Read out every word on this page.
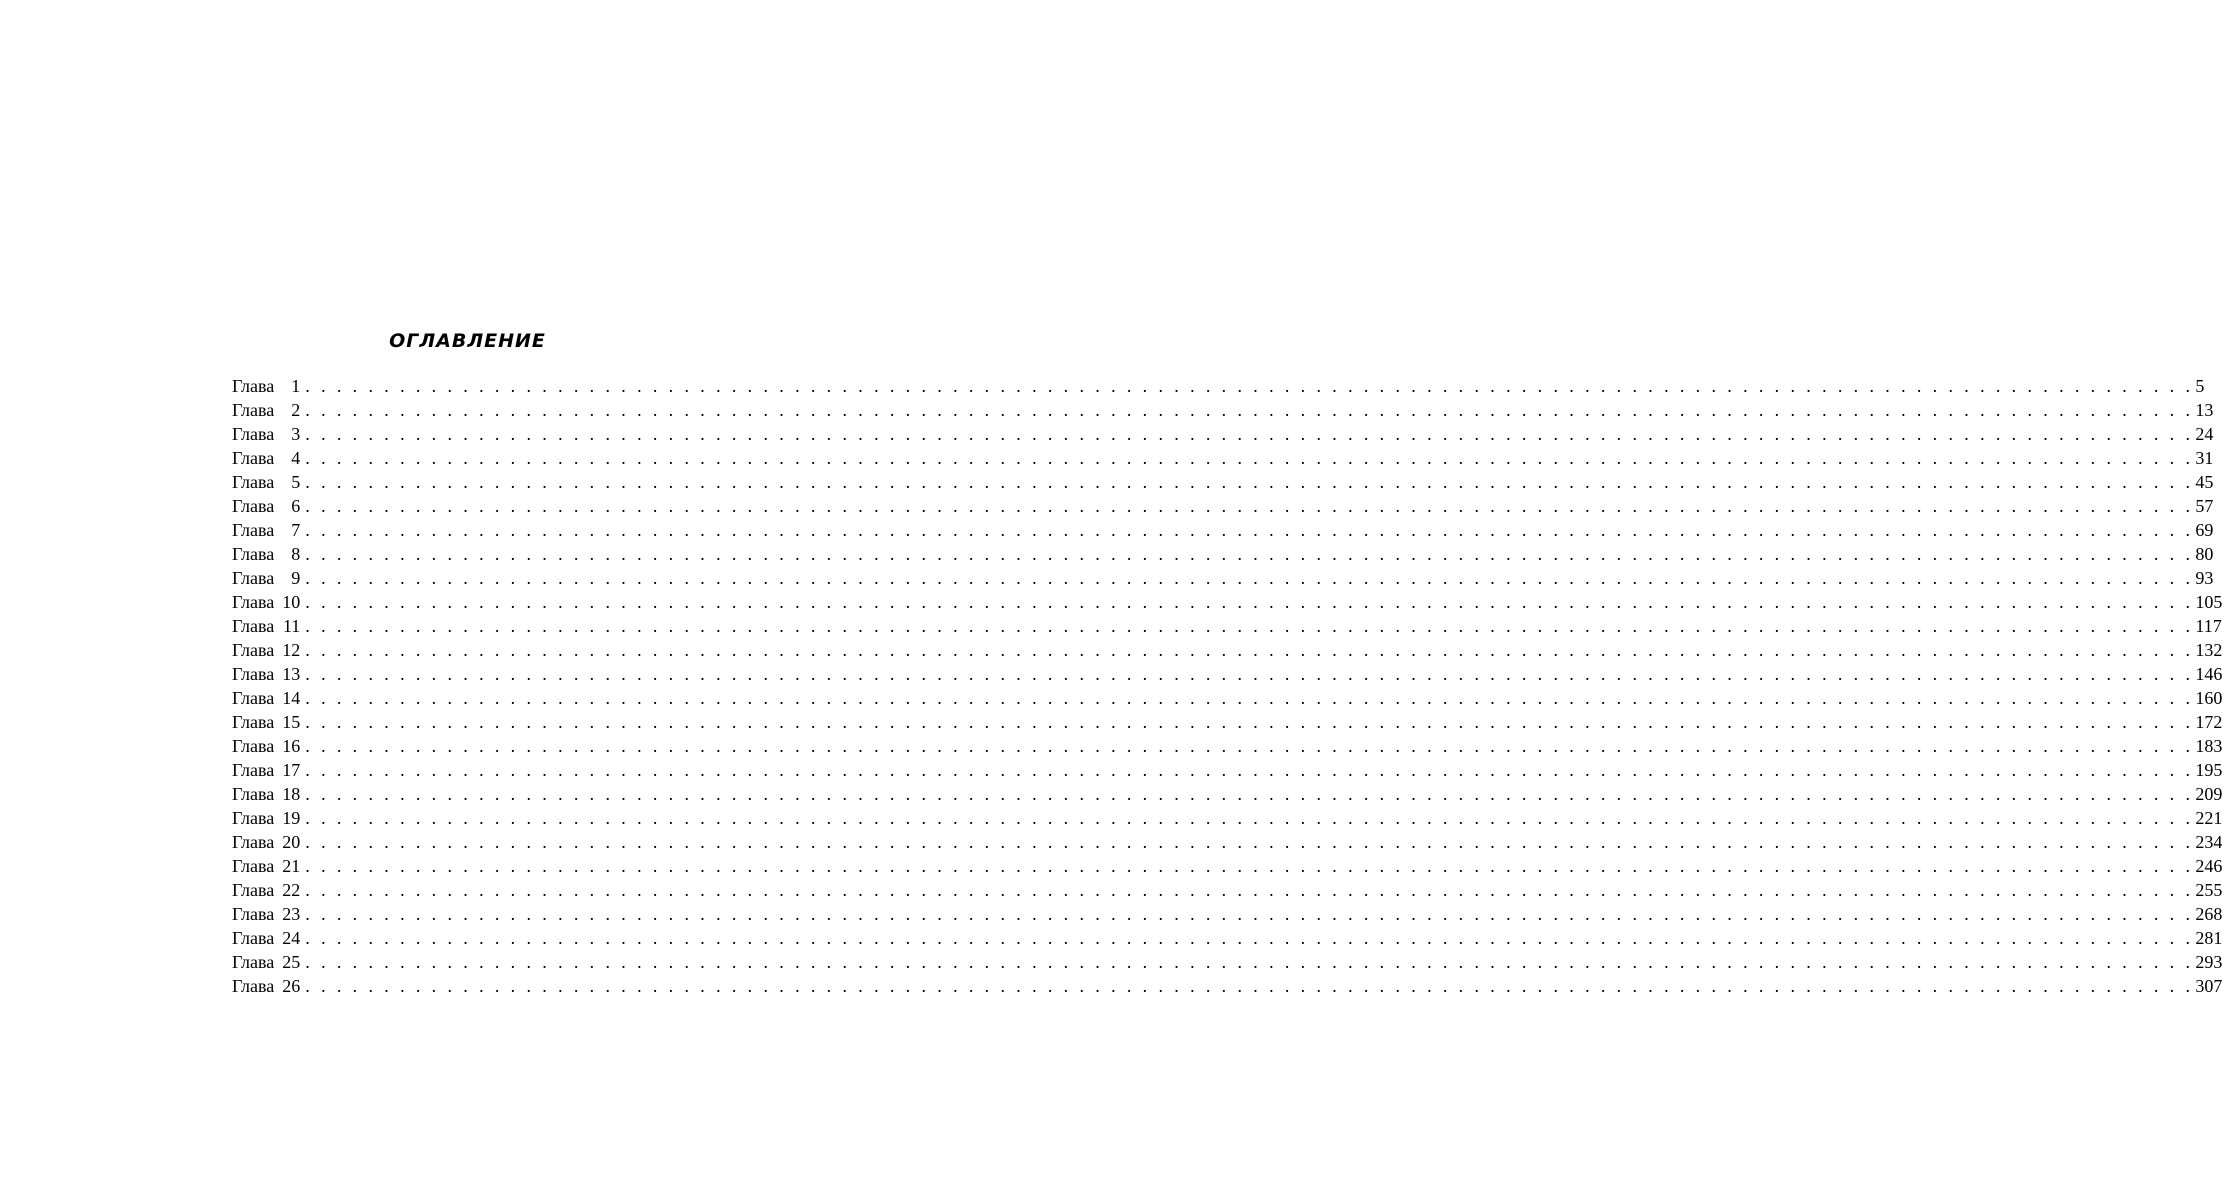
ОГЛАВЛЕНИЕ
Глава 1 . . . . . . . . . . . . . . . . . . . . . . . . . . . . . . . . . . . . . . . . . . . . . . . . . . . . . . . . . . . . . . . . . . . . . . . . . . . . . . . . . . . . . . . . . . . . . . . . . . . . . . . . . . . . . . . . . . . . . . . . 5
Глава 2 . . . . . . . . . . . . . . . . . . . . . . . . . . . . . . . . . . . . . . . . . . . . . . . . . . . . . . . . . . . . . . . . . . . . . . . . . . . . . . . . . . . . . . . . . . . . . . . . . . . . . . . . . . . . . . . . . . . . . . . . 13
Глава 3 . . . . . . . . . . . . . . . . . . . . . . . . . . . . . . . . . . . . . . . . . . . . . . . . . . . . . . . . . . . . . . . . . . . . . . . . . . . . . . . . . . . . . . . . . . . . . . . . . . . . . . . . . . . . . . . . . . . . . . . . 24
Глава 4 . . . . . . . . . . . . . . . . . . . . . . . . . . . . . . . . . . . . . . . . . . . . . . . . . . . . . . . . . . . . . . . . . . . . . . . . . . . . . . . . . . . . . . . . . . . . . . . . . . . . . . . . . . . . . . . . . . . . . . . . 31
Глава 5 . . . . . . . . . . . . . . . . . . . . . . . . . . . . . . . . . . . . . . . . . . . . . . . . . . . . . . . . . . . . . . . . . . . . . . . . . . . . . . . . . . . . . . . . . . . . . . . . . . . . . . . . . . . . . . . . . . . . . . . . 45
Глава 6 . . . . . . . . . . . . . . . . . . . . . . . . . . . . . . . . . . . . . . . . . . . . . . . . . . . . . . . . . . . . . . . . . . . . . . . . . . . . . . . . . . . . . . . . . . . . . . . . . . . . . . . . . . . . . . . . . . . . . . . . 57
Глава 7 . . . . . . . . . . . . . . . . . . . . . . . . . . . . . . . . . . . . . . . . . . . . . . . . . . . . . . . . . . . . . . . . . . . . . . . . . . . . . . . . . . . . . . . . . . . . . . . . . . . . . . . . . . . . . . . . . . . . . . . . 69
Глава 8 . . . . . . . . . . . . . . . . . . . . . . . . . . . . . . . . . . . . . . . . . . . . . . . . . . . . . . . . . . . . . . . . . . . . . . . . . . . . . . . . . . . . . . . . . . . . . . . . . . . . . . . . . . . . . . . . . . . . . . . . 80
Глава 9 . . . . . . . . . . . . . . . . . . . . . . . . . . . . . . . . . . . . . . . . . . . . . . . . . . . . . . . . . . . . . . . . . . . . . . . . . . . . . . . . . . . . . . . . . . . . . . . . . . . . . . . . . . . . . . . . . . . . . . . . 93
Глава 10 . . . . . . . . . . . . . . . . . . . . . . . . . . . . . . . . . . . . . . . . . . . . . . . . . . . . . . . . . . . . . . . . . . . . . . . . . . . . . . . . . . . . . . . . . . . . . . . . . . . . . . . . . . . . . . . . . . . . . . . . 105
Глава 11 . . . . . . . . . . . . . . . . . . . . . . . . . . . . . . . . . . . . . . . . . . . . . . . . . . . . . . . . . . . . . . . . . . . . . . . . . . . . . . . . . . . . . . . . . . . . . . . . . . . . . . . . . . . . . . . . . . . . . . . . 117
Глава 12 . . . . . . . . . . . . . . . . . . . . . . . . . . . . . . . . . . . . . . . . . . . . . . . . . . . . . . . . . . . . . . . . . . . . . . . . . . . . . . . . . . . . . . . . . . . . . . . . . . . . . . . . . . . . . . . . . . . . . . . . 132
Глава 13 . . . . . . . . . . . . . . . . . . . . . . . . . . . . . . . . . . . . . . . . . . . . . . . . . . . . . . . . . . . . . . . . . . . . . . . . . . . . . . . . . . . . . . . . . . . . . . . . . . . . . . . . . . . . . . . . . . . . . . . . 146
Глава 14 . . . . . . . . . . . . . . . . . . . . . . . . . . . . . . . . . . . . . . . . . . . . . . . . . . . . . . . . . . . . . . . . . . . . . . . . . . . . . . . . . . . . . . . . . . . . . . . . . . . . . . . . . . . . . . . . . . . . . . . . 160
Глава 15 . . . . . . . . . . . . . . . . . . . . . . . . . . . . . . . . . . . . . . . . . . . . . . . . . . . . . . . . . . . . . . . . . . . . . . . . . . . . . . . . . . . . . . . . . . . . . . . . . . . . . . . . . . . . . . . . . . . . . . . . 172
Глава 16 . . . . . . . . . . . . . . . . . . . . . . . . . . . . . . . . . . . . . . . . . . . . . . . . . . . . . . . . . . . . . . . . . . . . . . . . . . . . . . . . . . . . . . . . . . . . . . . . . . . . . . . . . . . . . . . . . . . . . . . . 183
Глава 17 . . . . . . . . . . . . . . . . . . . . . . . . . . . . . . . . . . . . . . . . . . . . . . . . . . . . . . . . . . . . . . . . . . . . . . . . . . . . . . . . . . . . . . . . . . . . . . . . . . . . . . . . . . . . . . . . . . . . . . . . 195
Глава 18 . . . . . . . . . . . . . . . . . . . . . . . . . . . . . . . . . . . . . . . . . . . . . . . . . . . . . . . . . . . . . . . . . . . . . . . . . . . . . . . . . . . . . . . . . . . . . . . . . . . . . . . . . . . . . . . . . . . . . . . . 209
Глава 19 . . . . . . . . . . . . . . . . . . . . . . . . . . . . . . . . . . . . . . . . . . . . . . . . . . . . . . . . . . . . . . . . . . . . . . . . . . . . . . . . . . . . . . . . . . . . . . . . . . . . . . . . . . . . . . . . . . . . . . . . 221
Глава 20 . . . . . . . . . . . . . . . . . . . . . . . . . . . . . . . . . . . . . . . . . . . . . . . . . . . . . . . . . . . . . . . . . . . . . . . . . . . . . . . . . . . . . . . . . . . . . . . . . . . . . . . . . . . . . . . . . . . . . . . . 234
Глава 21 . . . . . . . . . . . . . . . . . . . . . . . . . . . . . . . . . . . . . . . . . . . . . . . . . . . . . . . . . . . . . . . . . . . . . . . . . . . . . . . . . . . . . . . . . . . . . . . . . . . . . . . . . . . . . . . . . . . . . . . . 246
Глава 22 . . . . . . . . . . . . . . . . . . . . . . . . . . . . . . . . . . . . . . . . . . . . . . . . . . . . . . . . . . . . . . . . . . . . . . . . . . . . . . . . . . . . . . . . . . . . . . . . . . . . . . . . . . . . . . . . . . . . . . . . 255
Глава 23 . . . . . . . . . . . . . . . . . . . . . . . . . . . . . . . . . . . . . . . . . . . . . . . . . . . . . . . . . . . . . . . . . . . . . . . . . . . . . . . . . . . . . . . . . . . . . . . . . . . . . . . . . . . . . . . . . . . . . . . . 268
Глава 24 . . . . . . . . . . . . . . . . . . . . . . . . . . . . . . . . . . . . . . . . . . . . . . . . . . . . . . . . . . . . . . . . . . . . . . . . . . . . . . . . . . . . . . . . . . . . . . . . . . . . . . . . . . . . . . . . . . . . . . . . 281
Глава 25 . . . . . . . . . . . . . . . . . . . . . . . . . . . . . . . . . . . . . . . . . . . . . . . . . . . . . . . . . . . . . . . . . . . . . . . . . . . . . . . . . . . . . . . . . . . . . . . . . . . . . . . . . . . . . . . . . . . . . . . . 293
Глава 26 . . . . . . . . . . . . . . . . . . . . . . . . . . . . . . . . . . . . . . . . . . . . . . . . . . . . . . . . . . . . . . . . . . . . . . . . . . . . . . . . . . . . . . . . . . . . . . . . . . . . . . . . . . . . . . . . . . . . . . . . 307
